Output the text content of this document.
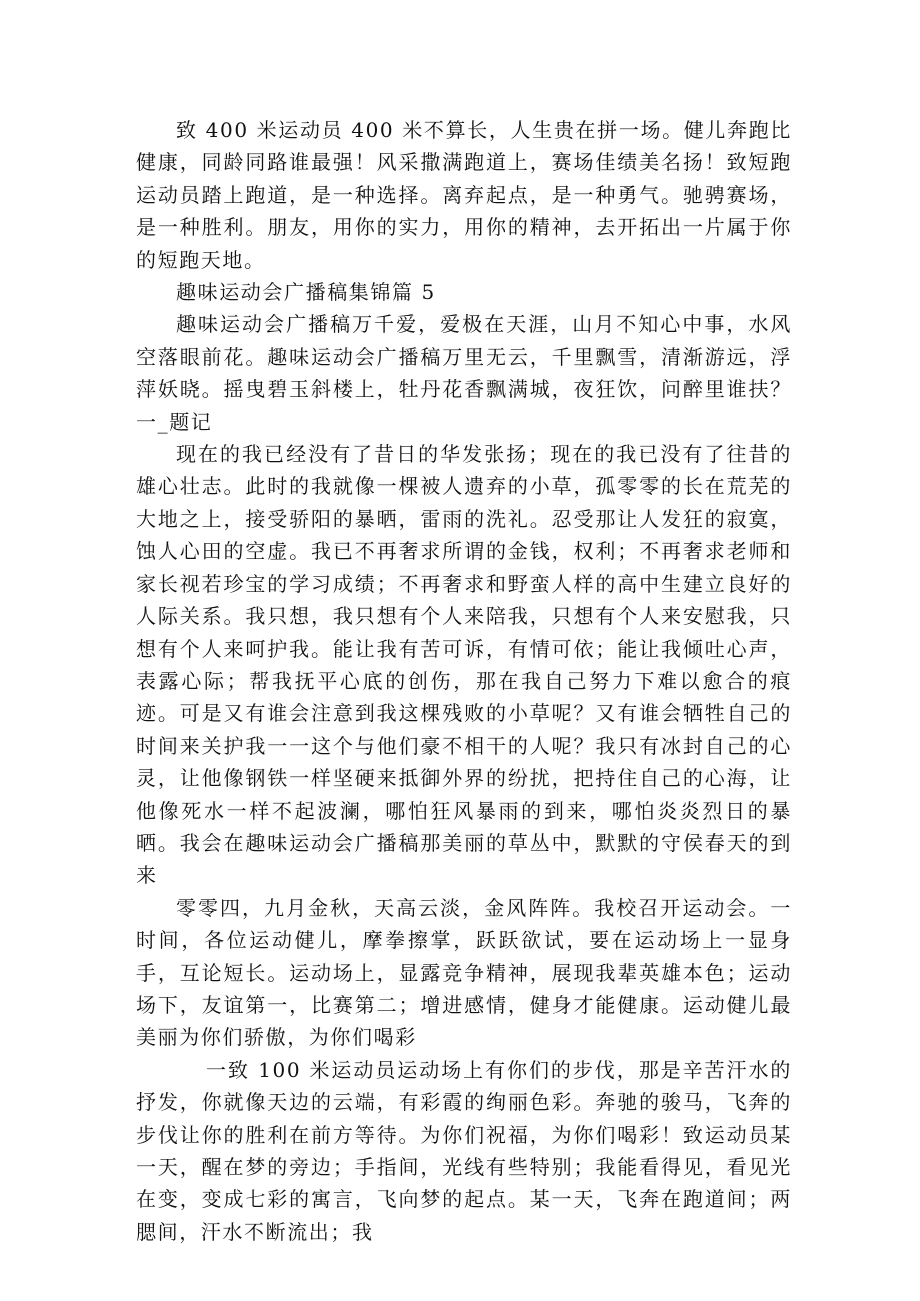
致 400 米运动员 400 米不算长，人生贵在拼一场。健儿奔跑比健康，同龄同路谁最强！风采撒满跑道上，赛场佳绩美名扬！致短跑运动员踏上跑道，是一种选择。离弃起点，是一种勇气。驰骋赛场，是一种胜利。朋友，用你的实力，用你的精神，去开拓出一片属于你的短跑天地。

趣味运动会广播稿集锦篇 5

趣味运动会广播稿万千爱，爱极在天涯，山月不知心中事，水风空落眼前花。趣味运动会广播稿万里无云，千里飘雪，清渐游远，浮萍妖晓。摇曳碧玉斜楼上，牡丹花香飘满城，夜狂饮，问醉里谁扶？一_题记

现在的我已经没有了昔日的华发张扬；现在的我已没有了往昔的雄心壮志。此时的我就像一棵被人遗弃的小草，孤零零的长在荒芜的大地之上，接受骄阳的暴晒，雷雨的洗礼。忍受那让人发狂的寂寞，蚀人心田的空虚。我已不再奢求所谓的金钱，权利；不再奢求老师和家长视若珍宝的学习成绩；不再奢求和野蛮人样的高中生建立良好的人际关系。我只想，我只想有个人来陪我，只想有个人来安慰我，只想有个人来呵护我。能让我有苦可诉，有情可依；能让我倾吐心声，表露心际；帮我抚平心底的创伤，那在我自己努力下难以愈合的痕迹。可是又有谁会注意到我这棵残败的小草呢？又有谁会牺牲自己的时间来关护我一一这个与他们豪不相干的人呢？我只有冰封自己的心灵，让他像钢铁一样坚硬来抵御外界的纷扰，把持住自己的心海，让他像死水一样不起波澜，哪怕狂风暴雨的到来，哪怕炎炎烈日的暴晒。我会在趣味运动会广播稿那美丽的草丛中，默默的守侯春天的到来

零零四，九月金秋，天高云淡，金风阵阵。我校召开运动会。一时间，各位运动健儿，摩拳擦掌，跃跃欲试，要在运动场上一显身手，互论短长。运动场上，显露竞争精神，展现我辈英雄本色；运动场下，友谊第一，比赛第二；增进感情，健身才能健康。运动健儿最美丽为你们骄傲，为你们喝彩

一致 100 米运动员运动场上有你们的步伐，那是辛苦汗水的抒发，你就像天边的云端，有彩霞的绚丽色彩。奔驰的骏马，飞奔的步伐让你的胜利在前方等待。为你们祝福，为你们喝彩！致运动员某一天，醒在梦的旁边；手指间，光线有些特别；我能看得见，看见光在变，变成七彩的寓言，飞向梦的起点。某一天，飞奔在跑道间；两腮间，汗水不断流出；我
